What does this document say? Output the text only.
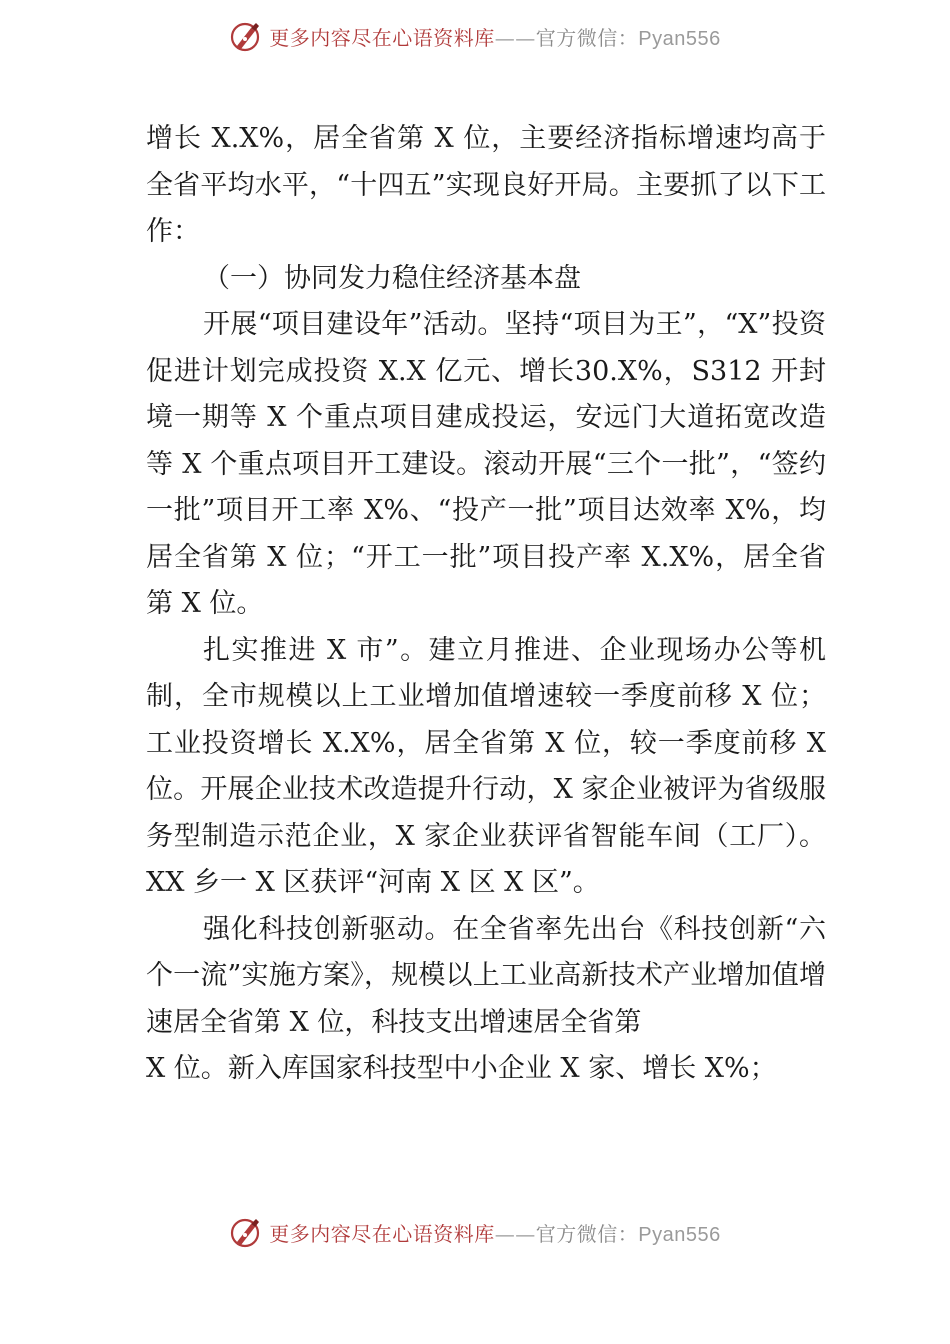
更多内容尽在心语资料库——官方微信：Pyan556

增长 X.X%，居全省第 X 位，主要经济指标增速均高于全省平均水平，“十四五”实现良好开局。主要抓了以下工作：

（一）协同发力稳住经济基本盘

开展“项目建设年”活动。坚持“项目为王”，“X”投资促进计划完成投资 X.X 亿元、增长30.X%，S312 开封境一期等 X 个重点项目建成投运，安远门大道拓宽改造等 X 个重点项目开工建设。滚动开展“三个一批”，“签约一批”项目开工率 X%、“投产一批”项目达效率 X%，均居全省第 X 位；“开工一批”项目投产率 X.X%，居全省第 X 位。

扎实推进 X 市”。建立月推进、企业现场办公等机制，全市规模以上工业增加值增速较一季度前移 X 位；工业投资增长 X.X%，居全省第 X 位，较一季度前移 X 位。开展企业技术改造提升行动，X 家企业被评为省级服务型制造示范企业，X 家企业获评省智能车间（工厂）。XX 乡一 X 区获评“河南 X 区 X 区”。

强化科技创新驱动。在全省率先出台《科技创新“六个一流”实施方案》，规模以上工业高新技术产业增加值增速居全省第 X 位，科技支出增速居全省第

X 位。新入库国家科技型中小企业 X 家、增长 X%；

更多内容尽在心语资料库——官方微信：Pyan556
